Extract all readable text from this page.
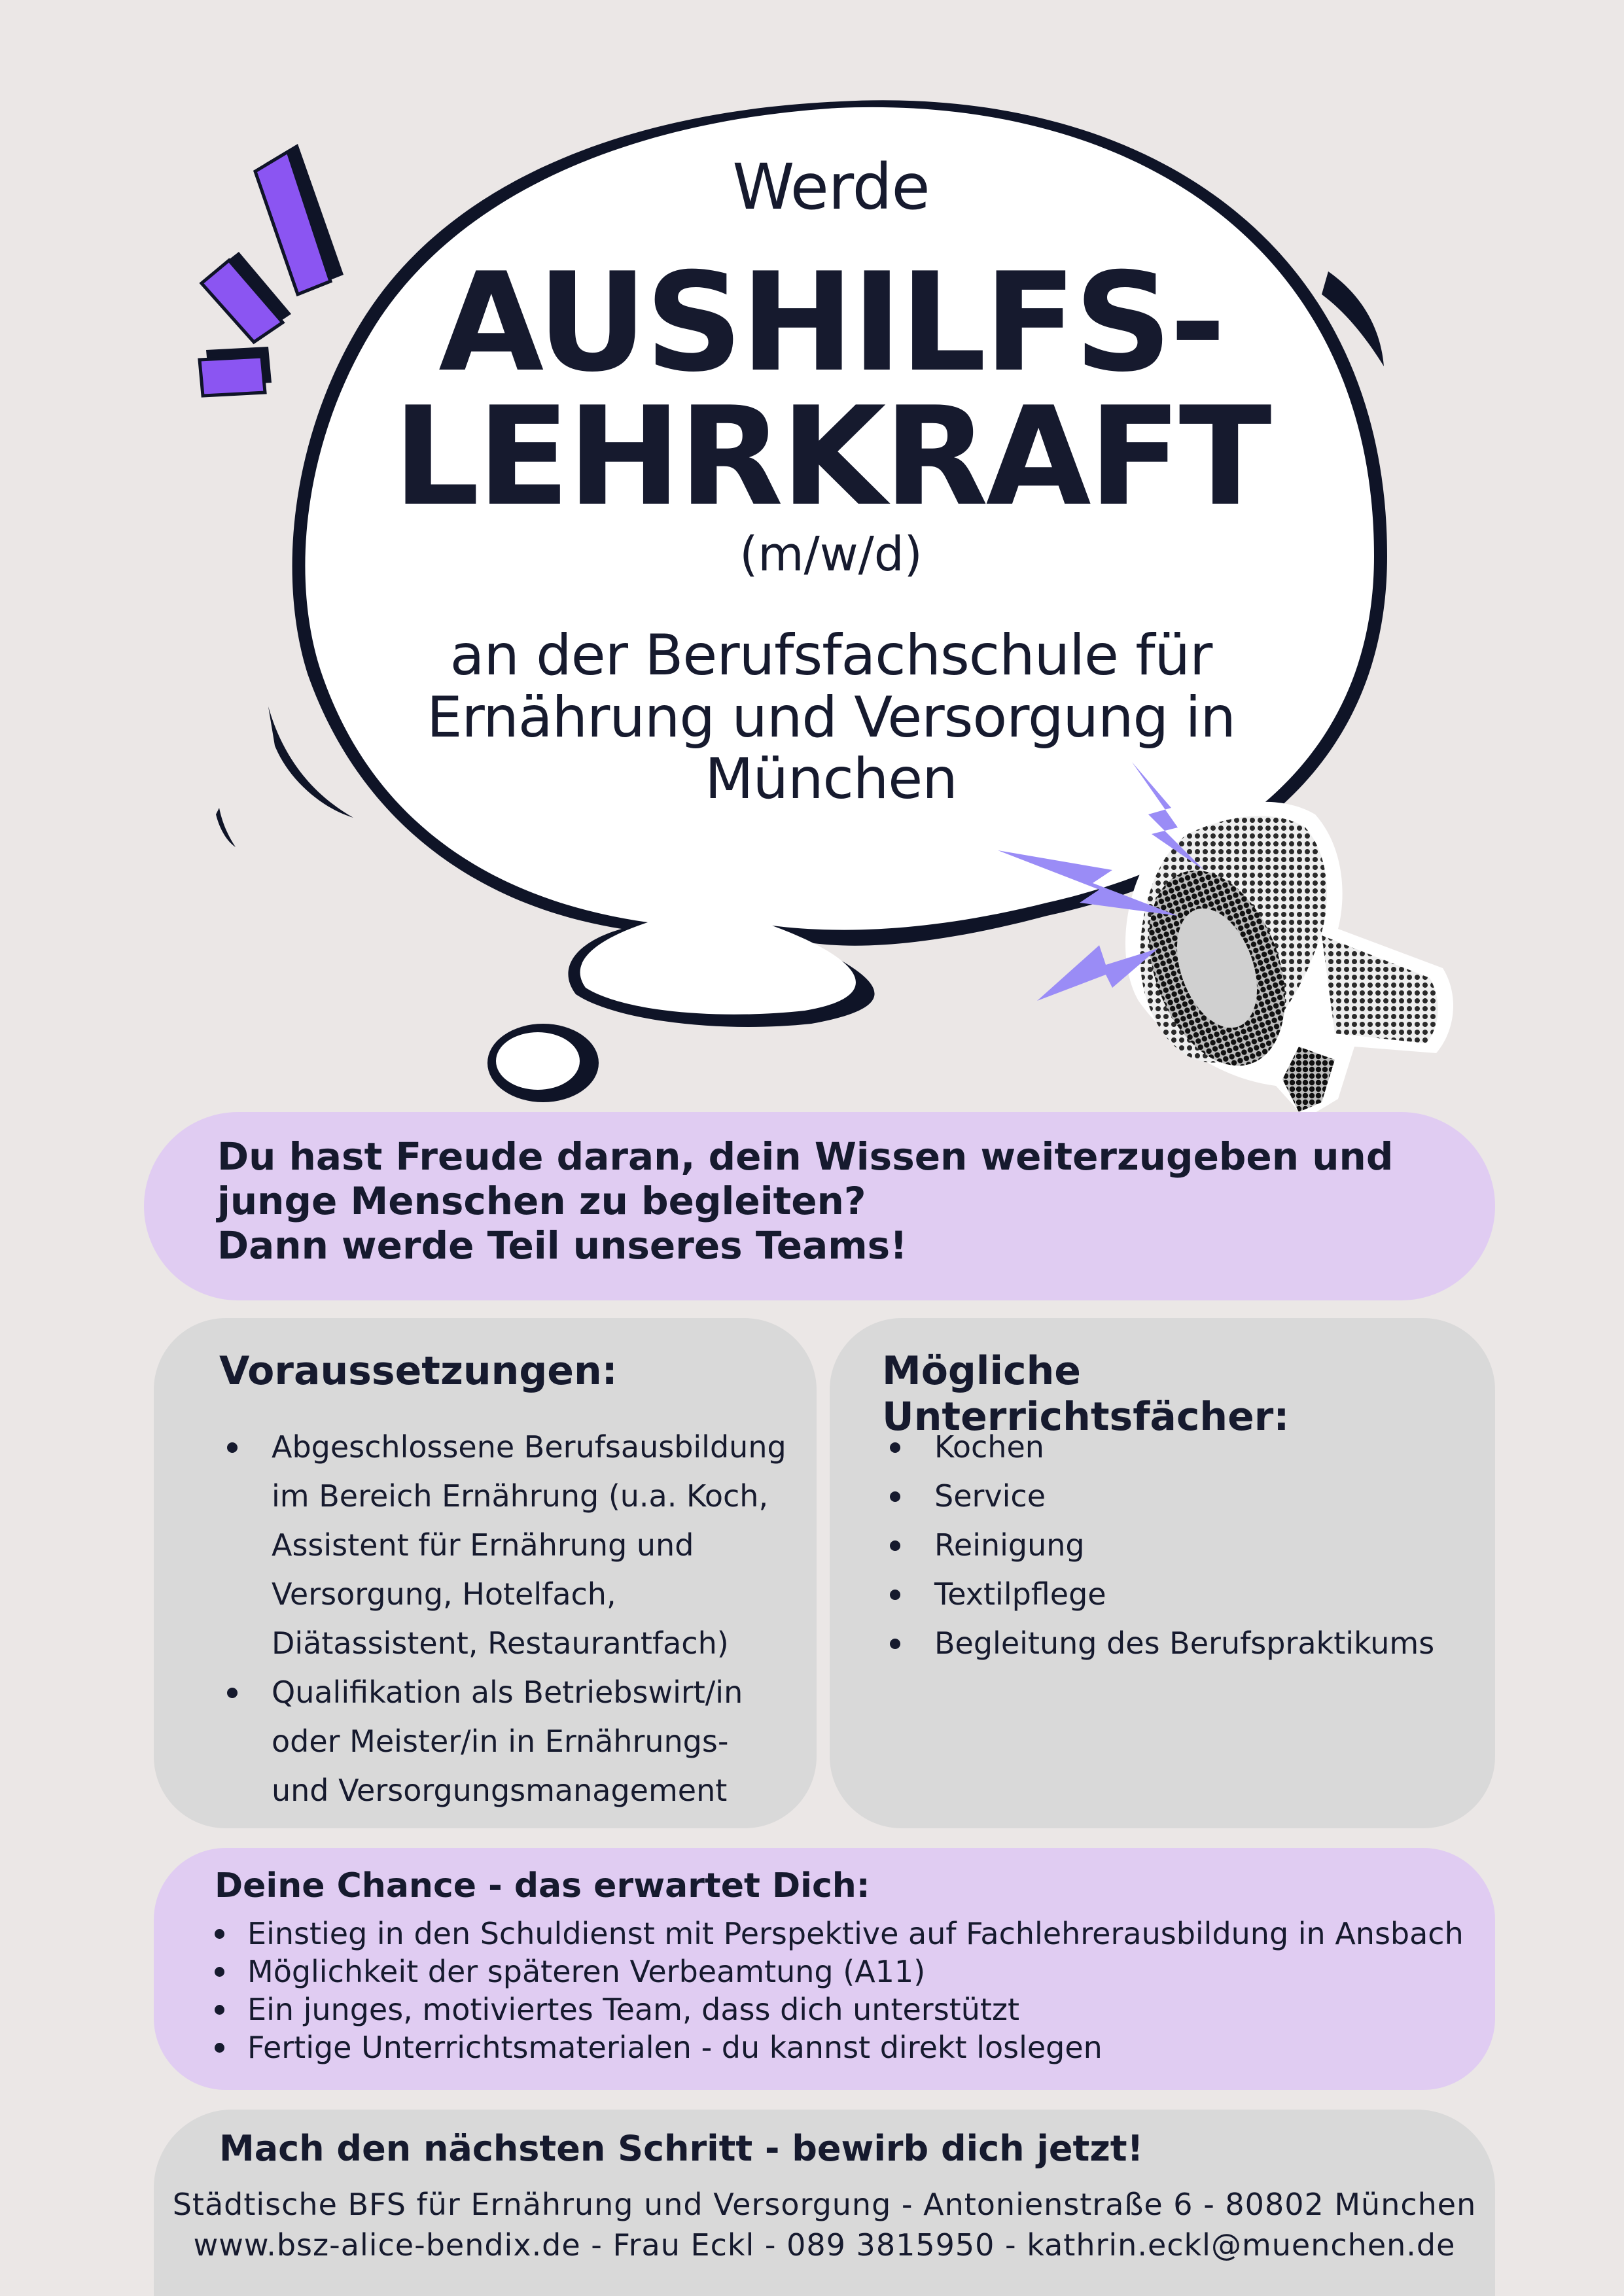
Werde
AUSHILFS-
LEHRKRAFT
(m/w/d)
an der Berufsfachschule für
Ernährung und Versorgung in
München
Du hast Freude daran, dein Wissen weiterzugeben und
junge Menschen zu begleiten?
Dann werde Teil unseres Teams!
Voraussetzungen:
Abgeschlossene Berufsausbildung im Bereich Ernährung (u.a. Koch, Assistent für Ernährung und Versorgung, Hotelfach, Diätassistent, Restaurantfach)
Qualifikation als Betriebswirt/in oder Meister/in in Ernährungs- und Versorgungsmanagement
Mögliche Unterrichtsfächer:
Kochen
Service
Reinigung
Textilpflege
Begleitung des Berufspraktikums
Deine Chance - das erwartet Dich:
Einstieg in den Schuldienst mit Perspektive auf Fachlehrerausbildung in Ansbach
Möglichkeit der späteren Verbeamtung (A11)
Ein junges, motiviertes Team, dass dich unterstützt
Fertige Unterrichtsmaterialen - du kannst direkt loslegen
Mach den nächsten Schritt - bewirb dich jetzt!
Städtische BFS für Ernährung und Versorgung - Antonienstraße 6 - 80802 München
www.bsz-alice-bendix.de - Frau Eckl - 089 3815950 - kathrin.eckl@muenchen.de
